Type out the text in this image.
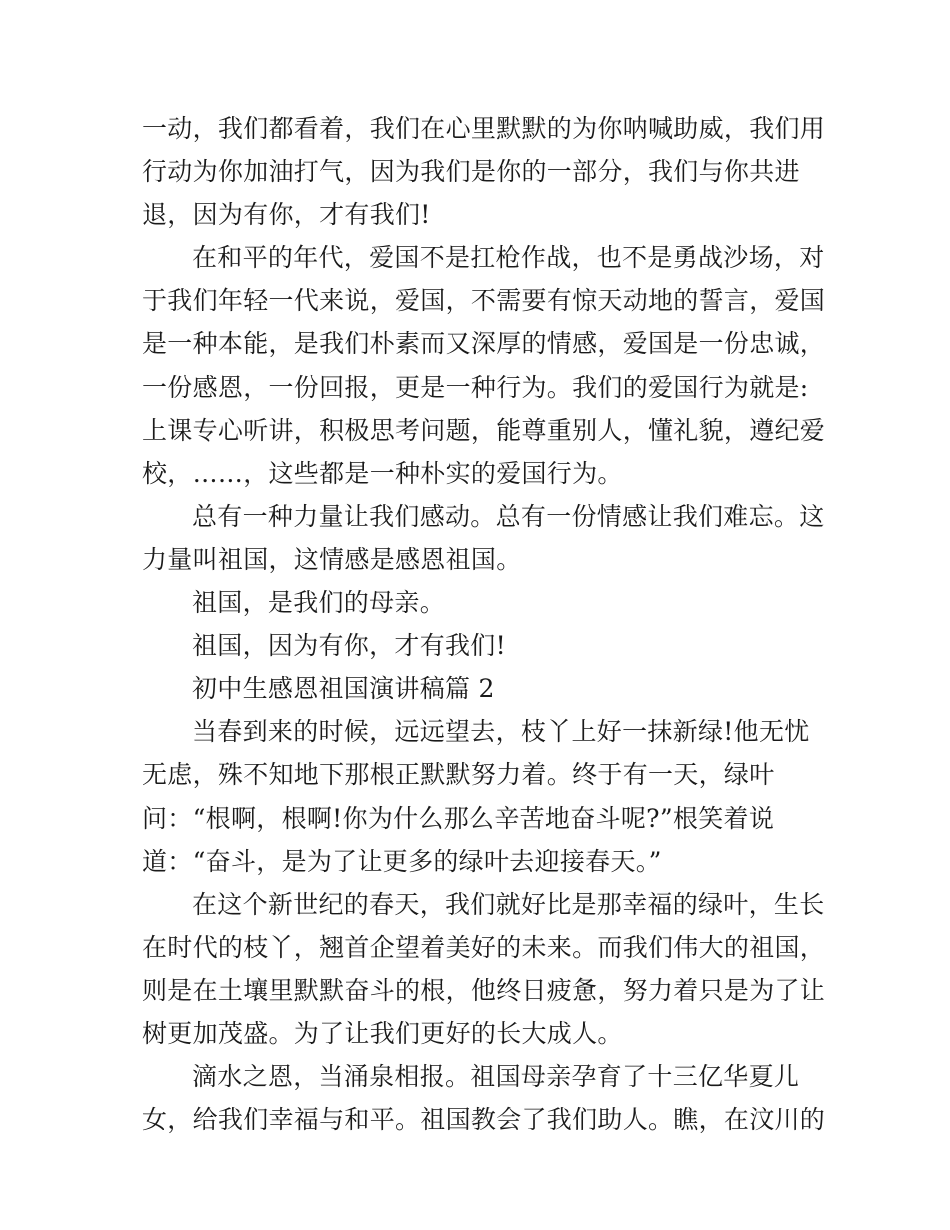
一动，我们都看着，我们在心里默默的为你呐喊助威，我们用
行动为你加油打气，因为我们是你的一部分，我们与你共进
退，因为有你，才有我们!
在和平的年代，爱国不是扛枪作战，也不是勇战沙场，对
于我们年轻一代来说，爱国，不需要有惊天动地的誓言，爱国
是一种本能，是我们朴素而又深厚的情感，爱国是一份忠诚，
一份感恩，一份回报，更是一种行为。我们的爱国行为就是:
上课专心听讲，积极思考问题，能尊重别人，懂礼貌，遵纪爱
校，……，这些都是一种朴实的爱国行为。
总有一种力量让我们感动。总有一份情感让我们难忘。这
力量叫祖国，这情感是感恩祖国。
祖国，是我们的母亲。
祖国，因为有你，才有我们!
初中生感恩祖国演讲稿篇 2
当春到来的时候，远远望去，枝丫上好一抹新绿!他无忧
无虑，殊不知地下那根正默默努力着。终于有一天，绿叶
问：“根啊，根啊!你为什么那么辛苦地奋斗呢?”根笑着说
道：“奋斗，是为了让更多的绿叶去迎接春天。”
在这个新世纪的春天，我们就好比是那幸福的绿叶，生长
在时代的枝丫，翘首企望着美好的未来。而我们伟大的祖国，
则是在土壤里默默奋斗的根，他终日疲惫，努力着只是为了让
树更加茂盛。为了让我们更好的长大成人。
滴水之恩，当涌泉相报。祖国母亲孕育了十三亿华夏儿
女，给我们幸福与和平。祖国教会了我们助人。瞧，在汶川的
